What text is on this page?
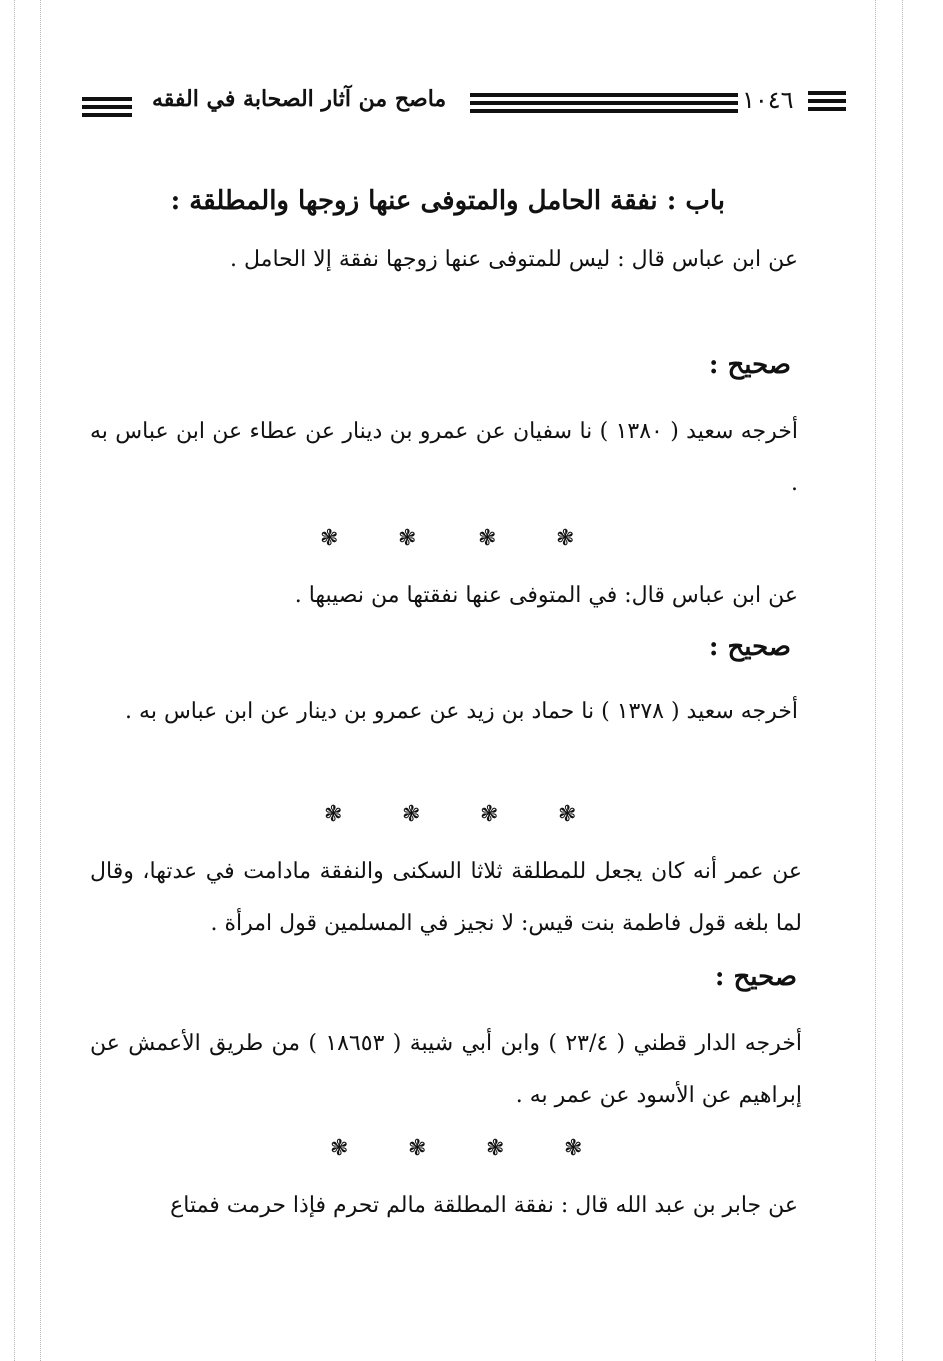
ماصح من آثار الصحابة في الفقه	١٠٤٦
باب : نفقة الحامل والمتوفى عنها زوجها والمطلقة :
عن ابن عباس قال : ليس للمتوفى عنها زوجها نفقة إلا الحامل .
صحيح :
أخرجه سعيد ( ١٣٨٠ ) نا سفيان عن عمرو بن دينار عن عطاء عن ابن عباس به .
❃	❃	❃	❃
عن ابن عباس قال: في المتوفى عنها نفقتها من نصيبها .
صحيح :
أخرجه سعيد ( ١٣٧٨ ) نا حماد بن زيد عن عمرو بن دينار عن ابن عباس به .
❃	❃	❃	❃
عن عمر أنه كان يجعل للمطلقة ثلاثا السكنى والنفقة مادامت في عدتها، وقال لما بلغه قول فاطمة بنت قيس: لا نجيز في المسلمين قول امرأة .
صحيح :
أخرجه الدار قطني ( ٢٣/٤ ) وابن أبي شيبة ( ١٨٦٥٣ ) من طريق الأعمش عن إبراهيم عن الأسود عن عمر به .
❃	❃	❃	❃
عن جابر بن عبد الله قال : نفقة المطلقة مالم تحرم فإذا حرمت فمتاع
